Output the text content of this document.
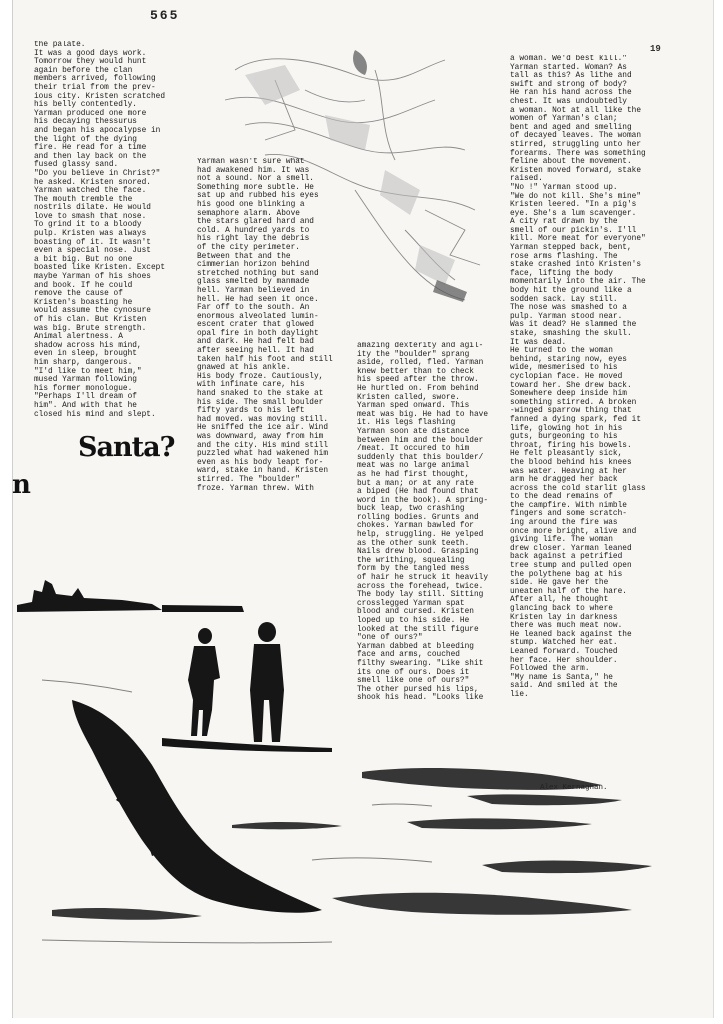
565
19
the palate.
It was a good days work.
Tomorrow they would hunt
again before the clan
members arrived, following
their trial from the prev-
ious city. Kristen scratched
his belly contentedly.
Yarman produced one more
his decaying thessurus
and began his apocalypse in
the light of the dying
fire. He read for a time
and then lay back on the
fused glassy sand.
"Do you believe in Christ?"
he asked. Kristen snored.
Yarman watched the face.
The mouth tremble the
nostrils dilate. He would
love to smash that nose.
To grind it to a bloody
pulp. Kristen was always
boasting of it. It wasn't
even a special nose. Just
a bit big. But no one
boasted like Kristen. Except
maybe Yarman of his shoes
and book. If he could
remove the cause of
Kristen's boasting he
would assume the cynosure
of his clan. But Kristen
was big. Brute strength.
Animal alertness. A
shadow across his mind,
even in sleep, brought
him sharp, dangerous.
"I'd like to meet him,"
mused Yarman following
his former monologue.
"Perhaps I'll dream of
him". And with that he
closed his mind and slept.
Yarman wasn't sure what
had awakened him. It was
not a sound. Nor a smell.
Something more subtle. He
sat up and rubbed his eyes
his good one blinking a
semaphore alarm. Above
the stars glared hard and
cold. A hundred yards to
his right lay the debris
of the city perimeter.
Between that and the
cimmerian horizon behind
stretched nothing but sand
glass smelted by manmade
hell. Yarman believed in
hell. He had seen it once.
Far off to the south. An
enormous alveolated lumin-
escent crater that glowed
opal fire in both daylight
and dark. He had felt bad
after seeing hell. It had
taken half his foot and still
gnawed at his ankle.
His body froze. Cautiously,
with infinate care, his
hand snaked to the stake at
his side. The small boulder
fifty yards to his left
had moved. was moving still.
He sniffed the ice air. Wind
was downward, away from him
and the city. His mind still
puzzled what had wakened him
even as his body leapt for-
ward, stake in hand. Kristen
stirred. The "boulder"
froze. Yarman threw. With
amazing dexterity and agil-
ity the "boulder" sprang
aside, rolled, fled. Yarman
knew better than to check
his speed after the throw.
He hurtled on. From behind
Kristen called, swore.
Yarman sped onward. This
meat was big. He had to have
it. His legs flashing
Yarman soon ate distance
between him and the boulder
/meat. It occured to him
suddenly that this boulder/
meat was no large animal
as he had first thought,
but a man; or at any rate
a biped (He had found that
word in the book). A spring-
buck leap, two crashing
rolling bodies. Grunts and
chokes. Yarman bawled for
help, struggling. He yelped
as the other sunk teeth.
Nails drew blood. Grasping
the writhing, squealing
form by the tangled mess
of hair he struck it heavily
across the forehead, twice.
The body lay still. Sitting
crosslegged Yarman spat
blood and cursed. Kristen
loped up to his side. He
looked at the still figure
"one of ours?"
Yarman dabbed at bleeding
face and arms, couched
filthy swearing. "Like shit
its one of ours. Does it
smell like one of ours?"
The other pursed his lips,
shook his head. "Looks like
a woman. We'd best kill."
Yarman started. Woman? As
tall as this? As lithe and
swift and strong of body?
He ran his hand across the
chest. It was undoubtedly
a woman. Not at all like the
women of Yarman's clan;
bent and aged and smelling
of decayed leaves. The woman
stirred, struggling unto her
forearms. There was something
feline about the movement.
Kristen moved forward, stake
raised.
"No !" Yarman stood up.
"We do not kill. She's mine"
Kristen leered. "In a pig's
eye. She's a lum scavenger.
A city rat drawn by the
smell of our pickin's. I'll
kill. More meat for everyone"
Yarman stepped back, bent,
rose arms flashing. The
stake crashed into Kristen's
face, lifting the body
momentarily into the air. The
body hit the ground like a
sodden sack. Lay still.
The nose was smashed to a
pulp. Yarman stood near.
Was it dead? He slammed the
stake, smashing the skull.
It was dead.
He turned to the woman
behind, staring now, eyes
wide, mesmerised to his
cyclopian face. He moved
toward her. She drew back.
Somewhere deep inside him
something stirred. A broken
-winged sparrow thing that
fanned a dying spark, fed it
life, glowing hot in his
guts, burgeoning to his
throat, firing his bowels.
He felt pleasantly sick,
the blood behind his knees
was water. Heaving at her
arm he dragged her back
across the cold starlit glass
to the dead remains of
the campfire. With nimble
fingers and some scratch-
ing around the fire was
once more bright, alive and
giving life. The woman
drew closer. Yarman leaned
back against a petrified
tree stump and pulled open
the polythene bag at his
side. He gave her the
uneaten half of the hare.
After all, he thought
glancing back to where
Kristen lay in darkness
there was much meat now.
He leaned back against the
stump. Watched her eat.
Leaned forward. Touched
her face. Her shoulder.
Followed the arm.
"My name is Santa," he
said. And smiled at the
lie.
Santa?
n
Alex Kernaghan.
